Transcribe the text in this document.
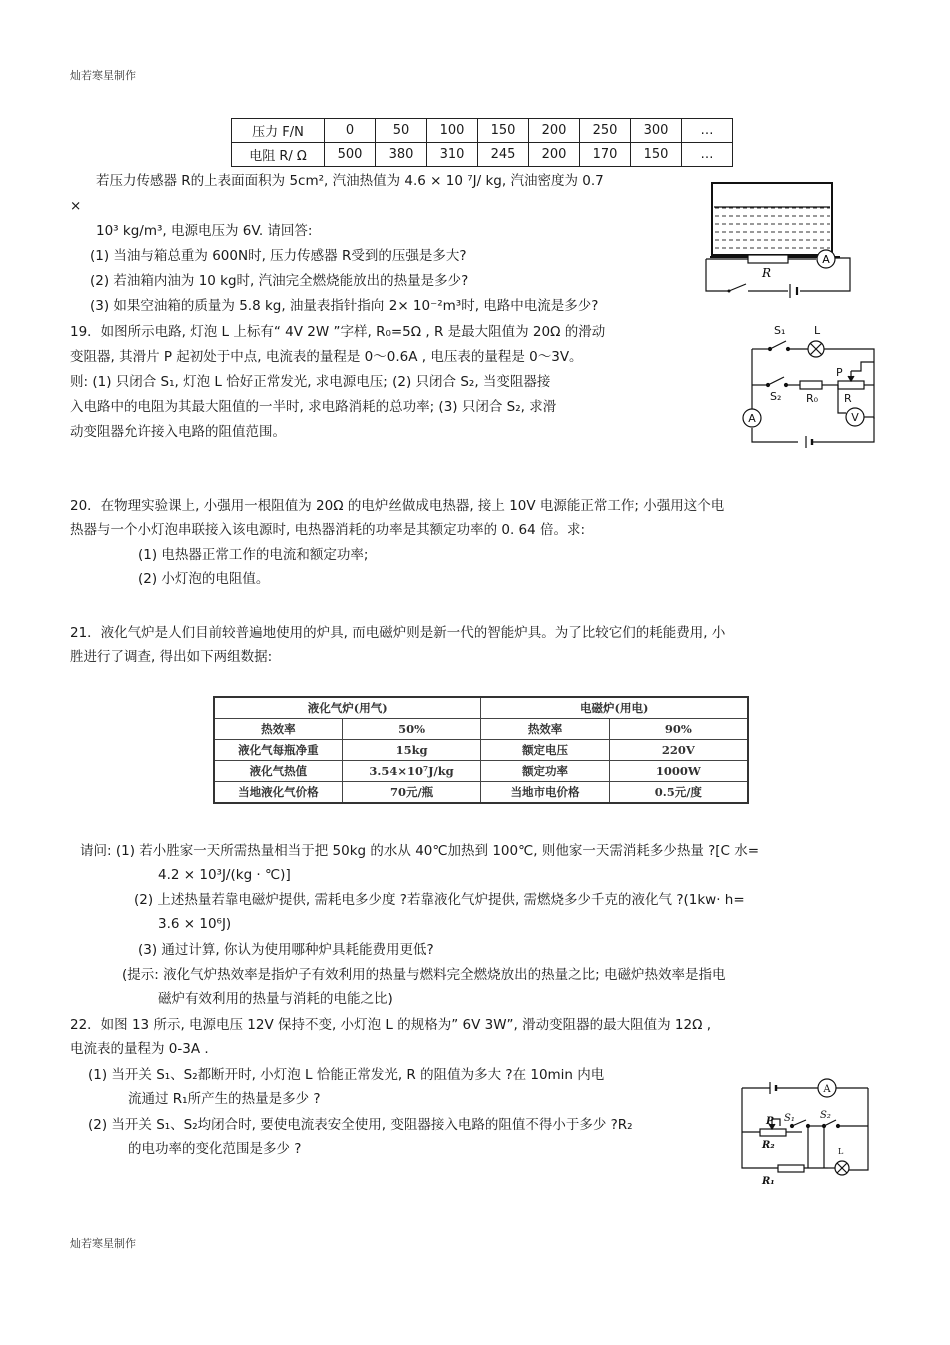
灿若寒星制作
灿若寒星制作
压力 F/N	0	50	100	150	200	250	300	…
电阻 R/ Ω	500	380	310	245	200	170	150	…
若压力传感器 R的上表面面积为 5cm², 汽油热值为 4.6 × 10 ⁷J/ kg, 汽油密度为 0.7
×
10³ kg/m³, 电源电压为 6V. 请回答:
(1) 当油与箱总重为 600N时, 压力传感器 R受到的压强是多大?
(2) 若油箱内油为 10 kg时, 汽油完全燃烧能放出的热量是多少?
(3) 如果空油箱的质量为 5.8 kg, 油量表指针指向 2× 10⁻²m³时, 电路中电流是多少?
A
R
19．如图所示电路, 灯泡 L 上标有“ 4V 2W ”字样, R₀=5Ω , R 是最大阻值为 20Ω 的滑动
变阻器, 其滑片 P 起初处于中点, 电流表的量程是 0～0.6A , 电压表的量程是 0～3V。
则: (1) 只闭合 S₁, 灯泡 L 恰好正常发光, 求电源电压; (2) 只闭合 S₂, 当变阻器接
入电路中的电阻为其最大阻值的一半时, 求电路消耗的总功率; (3) 只闭合 S₂, 求滑
动变阻器允许接入电路的阻值范围。
A	V
S₁	L
S₂ R₀
P
R
20．在物理实验课上, 小强用一根阻值为 20Ω 的电炉丝做成电热器, 接上 10V 电源能正常工作; 小强用这个电
热器与一个小灯泡串联接入该电源时, 电热器消耗的功率是其额定功率的 0. 64 倍。求:
(1) 电热器正常工作的电流和额定功率;
(2) 小灯泡的电阻值。
21．液化气炉是人们目前较普遍地使用的炉具, 而电磁炉则是新一代的智能炉具。为了比较它们的耗能费用, 小
胜进行了调查, 得出如下两组数据:
液化气炉(用气)		电磁炉(用电)	
热效率	50%	热效率	90%
液化气每瓶净重	15kg	额定电压	220V
液化气热值	3.54×10⁷J/kg	额定功率	1000W
当地液化气价格	70元/瓶	当地市电价格	0.5元/度
请问: (1) 若小胜家一天所需热量相当于把 50kg 的水从 40℃加热到 100℃, 则他家一天需消耗多少热量 ?[C 水=
4.2 × 10³J/(kg · ℃)]
(2) 上述热量若靠电磁炉提供, 需耗电多少度 ?若靠液化气炉提供, 需燃烧多少千克的液化气 ?(1kw· h=
3.6 × 10⁶J)
(3) 通过计算, 你认为使用哪种炉具耗能费用更低?
(提示: 液化气炉热效率是指炉子有效利用的热量与燃料完全燃烧放出的热量之比; 电磁炉热效率是指电
磁炉有效利用的热量与消耗的电能之比)
22．如图 13 所示, 电源电压 12V 保持不变, 小灯泡 L 的规格为” 6V 3W”, 滑动变阻器的最大阻值为 12Ω ,
电流表的量程为 0-3A .
(1) 当开关 S₁、S₂都断开时, 小灯泡 L 恰能正常发光, R 的阻值为多大 ?在 10min 内电
流通过 R₁所产生的热量是多少 ?
(2) 当开关 S₁、S₂均闭合时, 要使电流表安全使用, 变阻器接入电路的阻值不得小于多少 ?R₂
的电功率的变化范围是多少 ?
A
P S₁	S₂
R₂
L
R₁
